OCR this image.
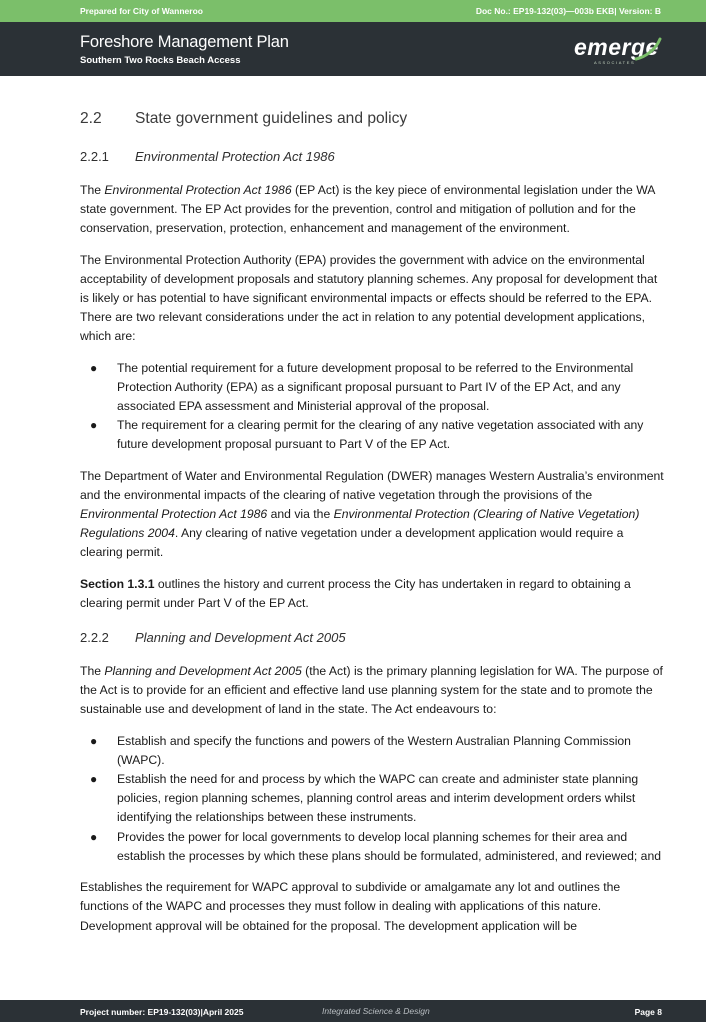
Prepared for City of Wanneroo	Doc No.: EP19-132(03)—003b EKB| Version: B
Foreshore Management Plan
Southern Two Rocks Beach Access
emerge
ASSOCIATES
2.2	State government guidelines and policy
2.2.1	Environmental Protection Act 1986

The Environmental Protection Act 1986 (EP Act) is the key piece of environmental legislation under the WA state government. The EP Act provides for the prevention, control and mitigation of pollution and for the conservation, preservation, protection, enhancement and management of the environment.

The Environmental Protection Authority (EPA) provides the government with advice on the environmental acceptability of development proposals and statutory planning schemes. Any proposal for development that is likely or has potential to have significant environmental impacts or effects should be referred to the EPA. There are two relevant considerations under the act in relation to any potential development applications, which are:

● The potential requirement for a future development proposal to be referred to the Environmental Protection Authority (EPA) as a significant proposal pursuant to Part IV of the EP Act, and any associated EPA assessment and Ministerial approval of the proposal.
● The requirement for a clearing permit for the clearing of any native vegetation associated with any future development proposal pursuant to Part V of the EP Act.

The Department of Water and Environmental Regulation (DWER) manages Western Australia’s environment and the environmental impacts of the clearing of native vegetation through the provisions of the Environmental Protection Act 1986 and via the Environmental Protection (Clearing of Native Vegetation) Regulations 2004. Any clearing of native vegetation under a development application would require a clearing permit.

Section 1.3.1 outlines the history and current process the City has undertaken in regard to obtaining a clearing permit under Part V of the EP Act.

2.2.2	Planning and Development Act 2005

The Planning and Development Act 2005 (the Act) is the primary planning legislation for WA. The purpose of the Act is to provide for an efficient and effective land use planning system for the state and to promote the sustainable use and development of land in the state. The Act endeavours to:

● Establish and specify the functions and powers of the Western Australian Planning Commission (WAPC).
● Establish the need for and process by which the WAPC can create and administer state planning policies, region planning schemes, planning control areas and interim development orders whilst identifying the relationships between these instruments.
● Provides the power for local governments to develop local planning schemes for their area and establish the processes by which these plans should be formulated, administered, and reviewed; and

Establishes the requirement for WAPC approval to subdivide or amalgamate any lot and outlines the functions of the WAPC and processes they must follow in dealing with applications of this nature. Development approval will be obtained for the proposal. The development application will be

Project number: EP19-132(03)|April 2025	Integrated Science & Design	Page 8
